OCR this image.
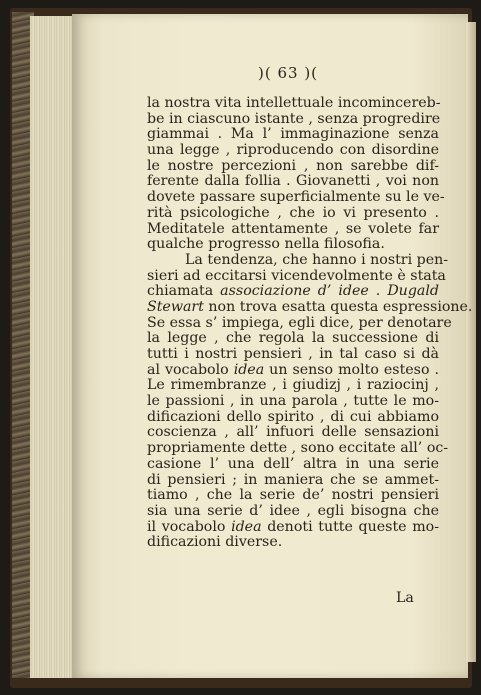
)( 63 )(
la nostra vita intellettuale incomincereb-
be in ciascuno istante , senza progredire
giammai . Ma l’ immaginazione senza
una legge , riproducendo con disordine
le nostre percezioni , non sarebbe dif-
ferente dalla follia . Giovanetti , voi non
dovete passare superficialmente su le ve-
rità psicologiche , che io vi presento .
Meditatele attentamente , se volete far
qualche progresso nella filosofia.
La tendenza, che hanno i nostri pen-
sieri ad eccitarsi vicendevolmente è stata
chiamata associazione d’ idee . Dugald
Stewart non trova esatta questa espressione.
Se essa s’ impiega, egli dice, per denotare
la legge , che regola la successione di
tutti i nostri pensieri , in tal caso si dà
al vocabolo idea un senso molto esteso .
Le rimembranze , i giudizj , i raziocinj ,
le passioni , in una parola , tutte le mo-
dificazioni dello spirito , di cui abbiamo
coscienza , all’ infuori delle sensazioni
propriamente dette , sono eccitate all’ oc-
casione l’ una dell’ altra in una serie
di pensieri ; in maniera che se ammet-
tiamo , che la serie de’ nostri pensieri
sia una serie d’ idee , egli bisogna che
il vocabolo idea denoti tutte queste mo-
dificazioni diverse.
La
